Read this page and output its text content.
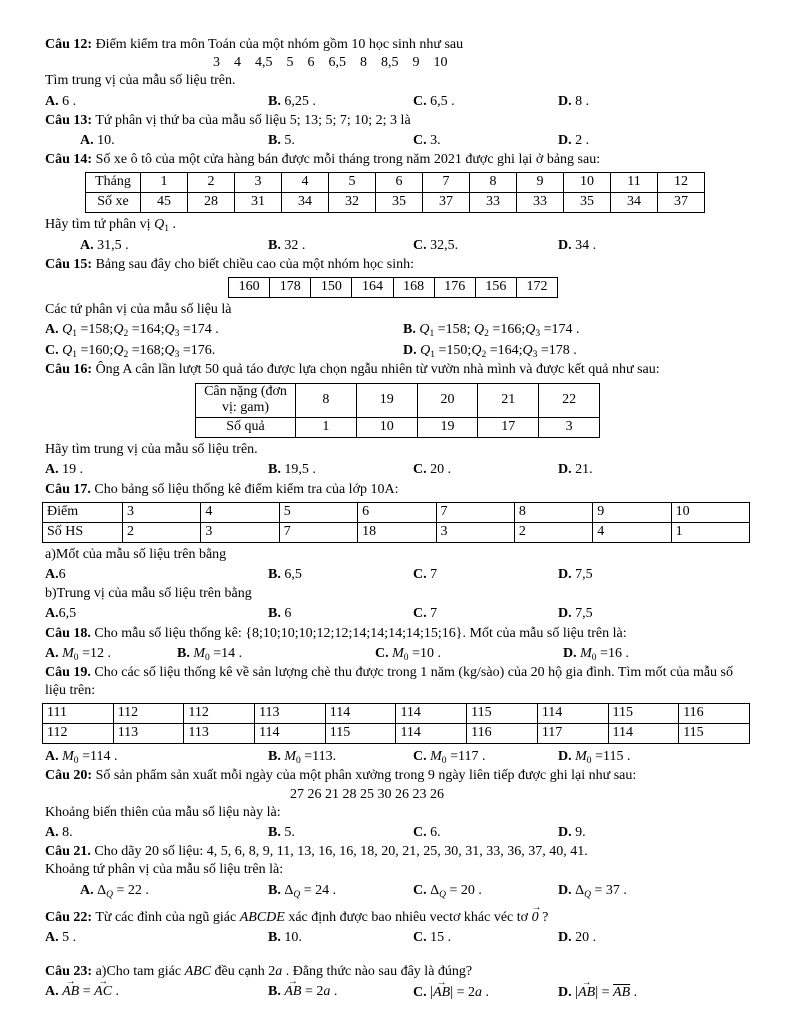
Câu 12: Điểm kiểm tra môn Toán của một nhóm gồm 10 học sinh như sau
3    4    4,5    5    6    6,5    8    8,5    9    10
Tìm trung vị của mẫu số liệu trên.
A. 6 .	B. 6,25 .	C. 6,5 .	D. 8 .
Câu 13: Tứ phân vị thứ ba của mẫu số liệu 5; 13; 5; 7; 10; 2; 3 là
A. 10.	B. 5.	C. 3.	D. 2 .
Câu 14: Số xe ô tô của một cửa hàng bán được mỗi tháng trong năm 2021 được ghi lại ở bảng sau:
Tháng	1	2	3	4	5	6	7	8	9	10	11	12
Số xe	45	28	31	34	32	35	37	33	33	35	34	37
Hãy tìm tứ phân vị $Q_1$ .
A. 31,5 .	B. 32 .	C. 32,5.	D. 34 .
Câu 15: Bảng sau đây cho biết chiều cao của một nhóm học sinh:
160	178	150	164	168	176	156	172
Các tứ phân vị của mẫu số liệu là
A. $Q_1$ $=158;Q_2$ $=164;Q_3 =174$ .	B. $Q_1 =158$; $Q_2$ $=166;Q_3 =174$ .
C. $Q_1$ $=160;Q_2$ $=168;Q_3 =176$.	D. $Q_1$ $=150;Q_2$ $=164;Q_3 =178$ .
Câu 16: Ông A cân lần lượt 50 quả táo được lựa chọn ngẫu nhiên từ vườn nhà mình và được kết quả như sau:
Cân nặng (đơn vị: gam)	8	19	20	21	22
Số quả	1	10	19	17	3
Hãy tìm trung vị của mẫu số liệu trên.
A. 19 .	B. 19,5 .	C. 20 .	D. 21.
Câu 17. Cho bảng số liệu thống kê điểm kiểm tra của lớp 10A:
Điểm	3	4	5	6	7	8	9	10
Số HS	2	3	7	18	3	2	4	1
a)Mốt của mẫu số liệu trên bằng
A.6	B. 6,5	C. 7	D. 7,5
b)Trung vị của mẫu số liệu trên bằng
A.6,5	B. 6	C. 7	D. 7,5
Câu 18. Cho mẫu số liệu thống kê: {8;10;10;10;12;12;14;14;14;14;15;16}. Mốt của mẫu số liệu trên là:
A. $M_0 =12$ .	B. $M_0 =14$ .	C. $M_0 =10$ .	D. $M_0 =16$ .
Câu 19. Cho các số liệu thống kê về sản lượng chè thu được trong 1 năm (kg/sào) của 20 hộ gia đình. Tìm mốt của mẫu số liệu trên:
111	112	112	113	114	114	115	114	115	116
112	113	113	114	115	114	116	117	114	115
A. $M_0 =114$ .	B. $M_0 =113$.	C. $M_0 =117$ .	D. $M_0 =115$ .
Câu 20: Số sản phẩm sản xuất mỗi ngày của một phân xưởng trong 9 ngày liên tiếp được ghi lại như sau:
27 26 21 28 25 30 26 23 26
Khoảng biến thiên của mẫu số liệu này là:
A. 8.	B. 5.	C. 6.	D. 9.
Câu 21. Cho dãy 20 số liệu: 4, 5, 6, 8, 9, 11, 13, 16, 16, 18, 20, 21, 25, 30, 31, 33, 36, 37, 40, 41.
Khoảng tứ phân vị của mẫu số liệu trên là:
A. $\Delta_Q = 22$ .	B. $\Delta_Q = 24$ .	C. $\Delta_Q = 20$ .	D. $\Delta_Q = 37$ .
Câu 22: Từ các đỉnh của ngũ giác ABCDE xác định được bao nhiêu vectơ khác véc tơ → 0 ?
A. 5 .	B. 10.	C. 15 .	D. 20 .
Câu 23: a)Cho tam giác ABC đều cạnh 2a . Đẳng thức nào sau đây là đúng?
A. → AB = → AC .	B. → AB = 2a .	C. |→ AB| = 2a .	D. |→ $AB| = \overline{AB}$ .
